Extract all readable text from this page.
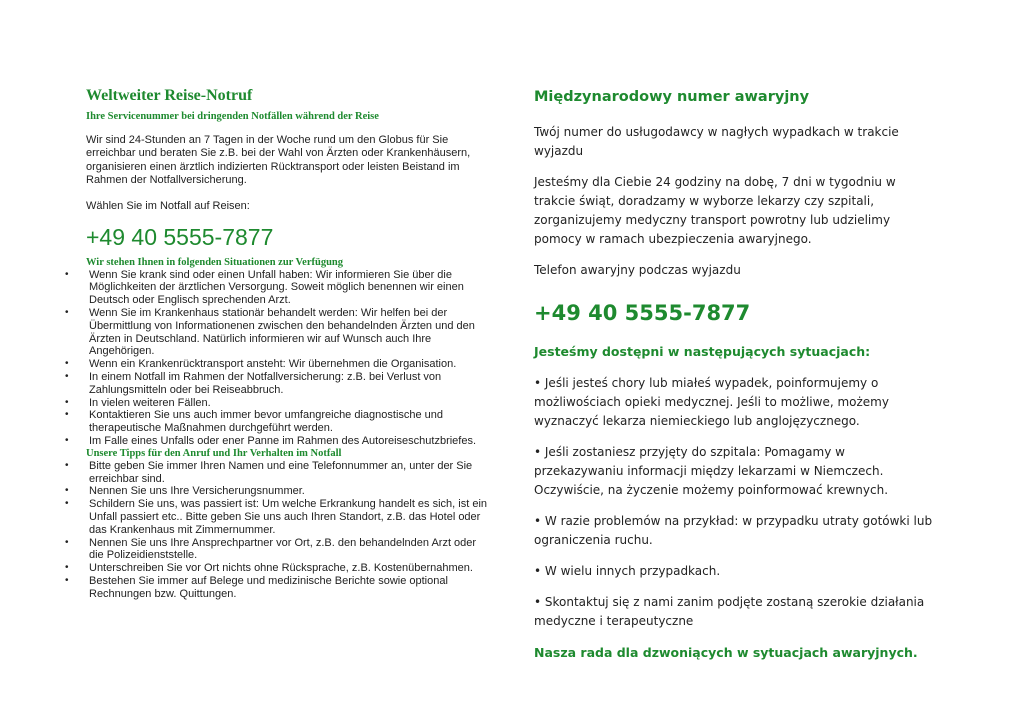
Weltweiter Reise-Notruf

Ihre Servicenummer bei dringenden Notfällen während der Reise

Wir sind 24-Stunden an 7 Tagen in der Woche rund um den Globus für Sie erreichbar und beraten Sie z.B. bei der Wahl von Ärzten oder Krankenhäusern, organisieren einen ärztlich indizierten Rücktransport oder leisten Beistand im Rahmen der Notfallversicherung.

Wählen Sie im Notfall auf Reisen:

+49 40 5555-7877

Wir stehen Ihnen in folgenden Situationen zur Verfügung

• Wenn Sie krank sind oder einen Unfall haben: Wir informieren Sie über die Möglichkeiten der ärztlichen Versorgung. Soweit möglich benennen wir einen Deutsch oder Englisch sprechenden Arzt.
• Wenn Sie im Krankenhaus stationär behandelt werden: Wir helfen bei der Übermittlung von Informationenen zwischen den behandelnden Ärzten und den Ärzten in Deutschland. Natürlich informieren wir auf Wunsch auch Ihre Angehörigen.
• Wenn ein Krankenrücktransport ansteht: Wir übernehmen die Organisation.
• In einem Notfall im Rahmen der Notfallversicherung: z.B. bei Verlust von Zahlungsmitteln oder bei Reiseabbruch.
• In vielen weiteren Fällen.
• Kontaktieren Sie uns auch immer bevor umfangreiche diagnostische und therapeutische Maßnahmen durchgeführt werden.
• Im Falle eines Unfalls oder ener Panne im Rahmen des Autoreiseschutzbriefes.

Unsere Tipps für den Anruf und Ihr Verhalten im Notfall

• Bitte geben Sie immer Ihren Namen und eine Telefonnummer an, unter der Sie erreichbar sind.
• Nennen Sie uns Ihre Versicherungsnummer.
• Schildern Sie uns, was passiert ist: Um welche Erkrankung handelt es sich, ist ein Unfall passiert etc.. Bitte geben Sie uns auch Ihren Standort, z.B. das Hotel oder das Krankenhaus mit Zimmernummer.
• Nennen Sie uns Ihre Ansprechpartner vor Ort, z.B. den behandelnden Arzt oder die Polizeidienststelle.
• Unterschreiben Sie vor Ort nichts ohne Rücksprache, z.B. Kostenübernahmen.
• Bestehen Sie immer auf Belege und medizinische Berichte sowie optional Rechnungen bzw. Quittungen.
Międzynarodowy numer awaryjny

Twój numer do usługodawcy w nagłych wypadkach w trakcie wyjazdu

Jesteśmy dla Ciebie 24 godziny na dobę, 7 dni w tygodniu w trakcie świąt, doradzamy w wyborze lekarzy czy szpitali, zorganizujemy medyczny transport powrotny lub udzielimy pomocy w ramach ubezpieczenia awaryjnego.

Telefon awaryjny podczas wyjazdu

+49 40 5555-7877

Jesteśmy dostępni w następujących sytuacjach:

• Jeśli jesteś chory lub miałeś wypadek, poinformujemy o możliwościach opieki medycznej. Jeśli to możliwe, możemy wyznaczyć lekarza niemieckiego lub anglojęzycznego.

• Jeśli zostaniesz przyjęty do szpitala: Pomagamy w przekazywaniu informacji między lekarzami w Niemczech. Oczywiście, na życzenie możemy poinformować krewnych.

• W razie problemów na przykład: w przypadku utraty gotówki lub ograniczenia ruchu.

• W wielu innych przypadkach.

• Skontaktuj się z nami zanim podjęte zostaną szerokie działania medyczne i terapeutyczne

Nasza rada dla dzwoniących w sytuacjach awaryjnych.
